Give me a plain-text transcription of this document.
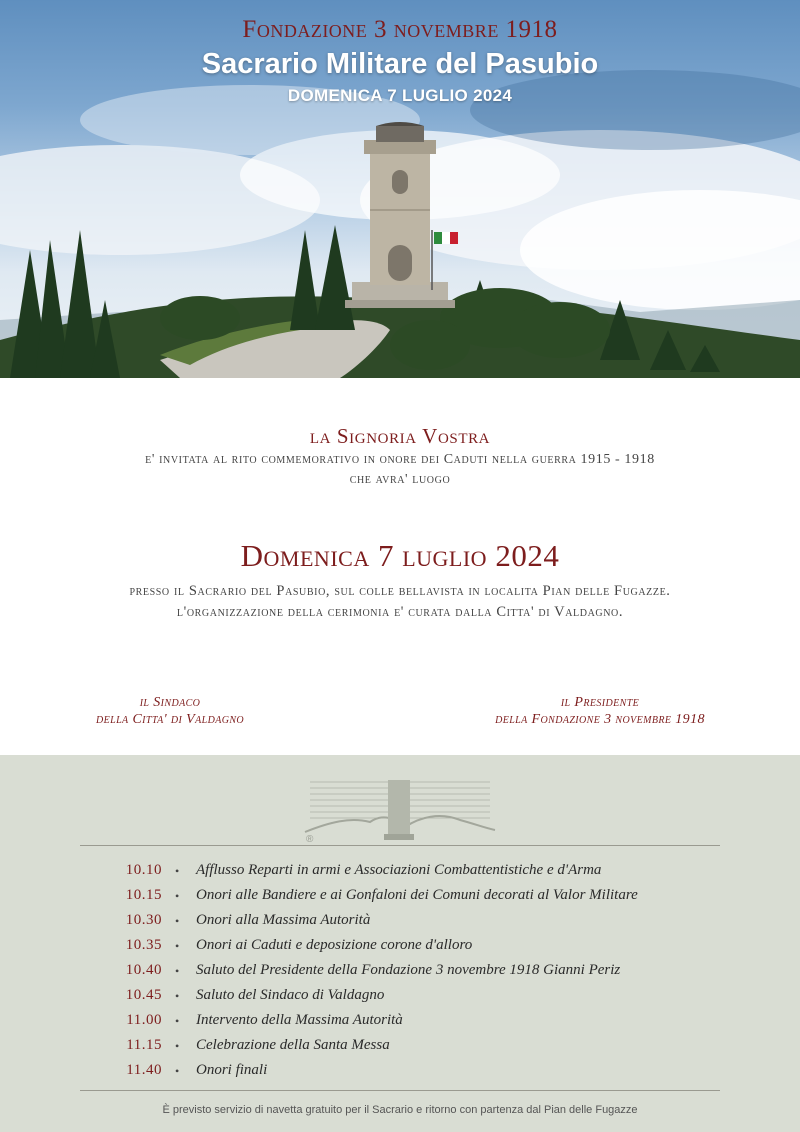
Fondazione 3 novembre 1918
Sacrario Militare del Pasubio
DOMENICA 7 LUGLIO 2024
la Signoria Vostra
e' invitata al rito commemorativo in onore dei Caduti nella guerra 1915 - 1918
che avra' luogo
Domenica 7 luglio 2024
presso il Sacrario del Pasubio, sul colle bellavista in localita Pian delle Fugazze.
l'organizzazione della cerimonia e' curata dalla Citta' di Valdagno.
il Sindaco
della Citta' di Valdagno
il Presidente
della Fondazione 3 novembre 1918
®
10.10 •	Afflusso Reparti in armi e Associazioni Combattentistiche e d'Arma
10.15 •	Onori alle Bandiere e ai Gonfaloni dei Comuni decorati al Valor Militare
10.30 •	Onori alla Massima Autorità
10.35 •	Onori ai Caduti e deposizione corone d'alloro
10.40 •	Saluto del Presidente della Fondazione 3 novembre 1918 Gianni Periz
10.45 •	Saluto del Sindaco di Valdagno
11.00 •	Intervento della Massima Autorità
11.15 •	Celebrazione della Santa Messa
11.40 •	Onori finali
È previsto servizio di navetta gratuito per il Sacrario e ritorno con partenza dal Pian delle Fugazze
